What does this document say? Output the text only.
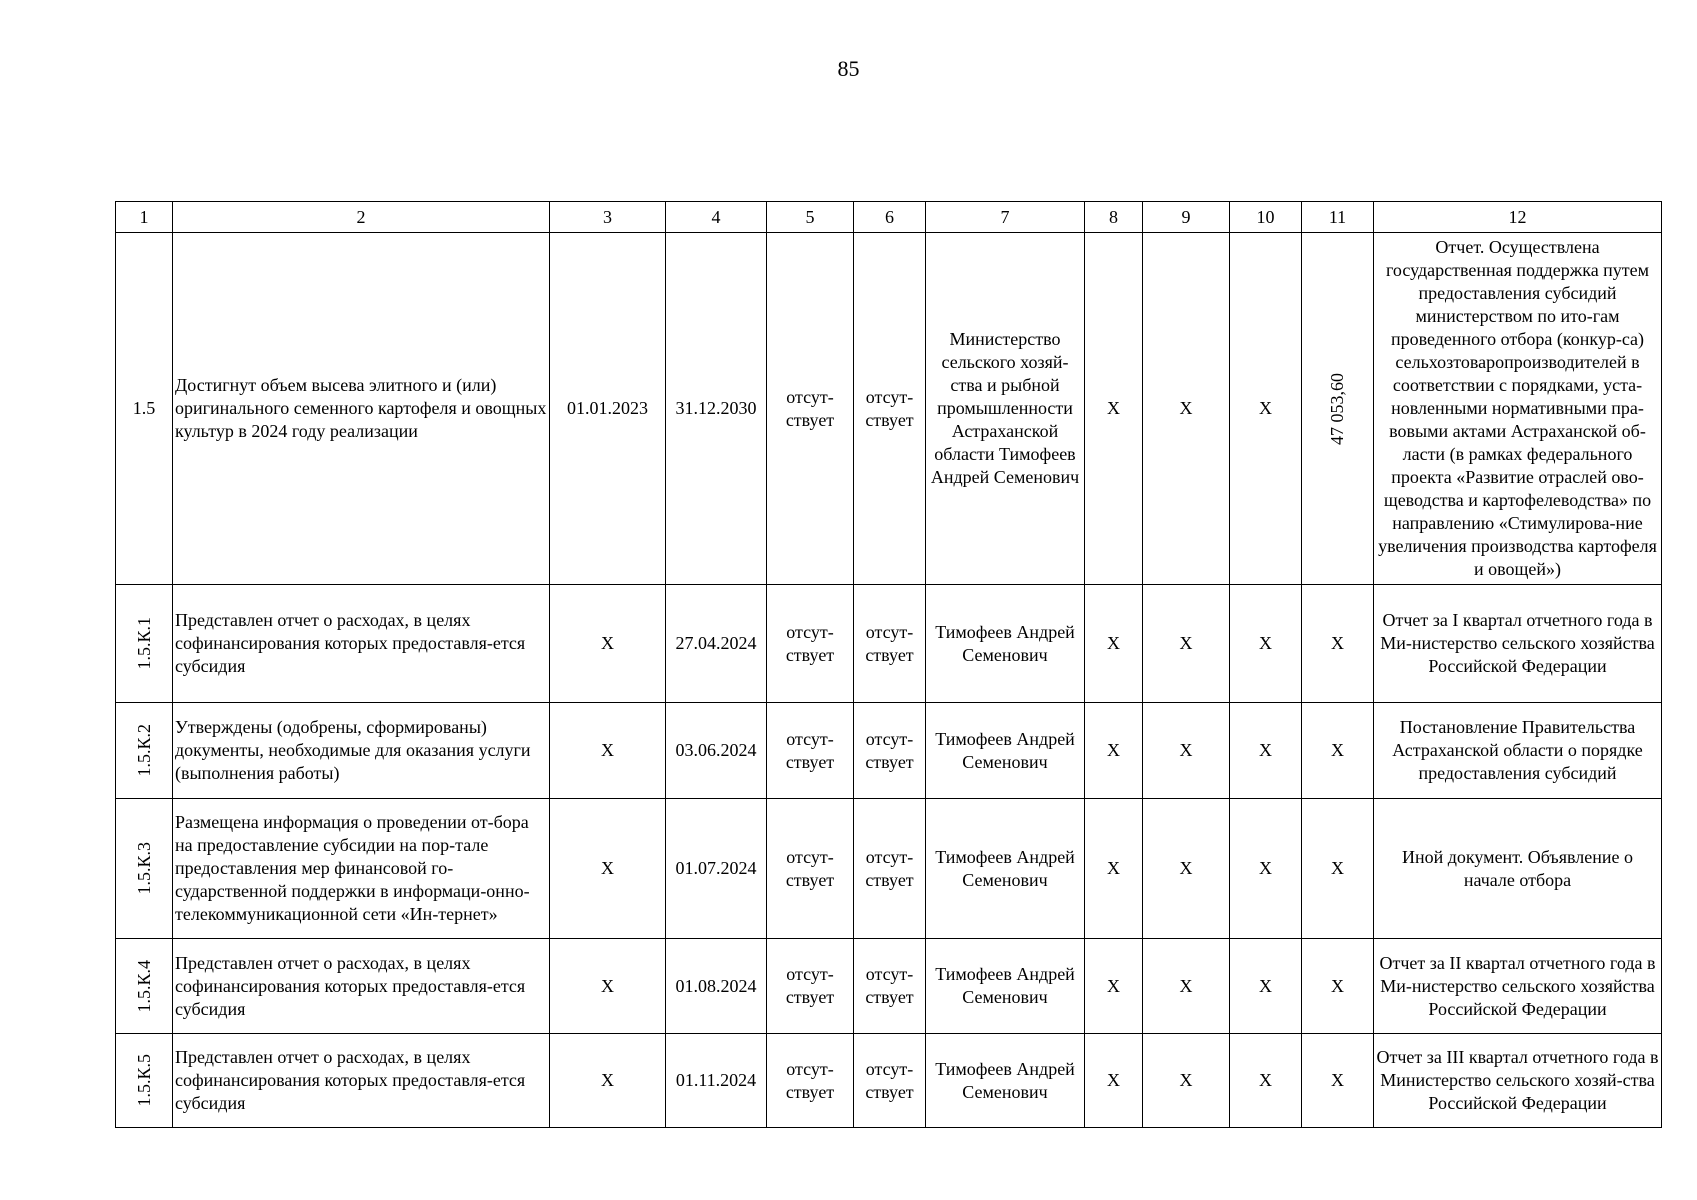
85
1	2	3	4	5	6	7	8	9	10	11	12
1.5	Достигнут объем высева элитного и (или) оригинального семенного картофеля и овощных культур в 2024 году реализации	01.01.2023	31.12.2030	отсут-ствует	отсут-ствует	Министерство сельского хозяй-ства и рыбной промышленности Астраханской области Тимофеев Андрей Семенович	Х	Х	Х	47 053,60	Отчет. Осуществлена государственная поддержка путем предоставления субсидий министерством по ито-гам проведенного отбора (конкур-са) сельхозтоваропроизводителей в соответствии с порядками, уста-новленными нормативными пра-вовыми актами Астраханской об-ласти (в рамках федерального проекта «Развитие отраслей ово-щеводства и картофелеводства» по направлению «Стимулирова-ние увеличения производства картофеля и овощей»)

1.5.К.1	Представлен отчет о расходах, в целях софинансирования которых предоставля-ется субсидия	Х	27.04.2024	отсут-ствует	отсут-ствует	Тимофеев Андрей Семенович	Х	Х	Х	Х	Отчет за I квартал отчетного года в Ми-нистерство сельского хозяйства Российской Федерации

1.5.К.2	Утверждены (одобрены, сформированы) документы, необходимые для оказания услуги (выполнения работы)	Х	03.06.2024	отсут-ствует	отсут-ствует	Тимофеев Андрей Семенович	Х	Х	Х	Х	Постановление Правительства Астраханской области о порядке предоставления субсидий

1.5.К.3	Размещена информация о проведении от-бора на предоставление субсидии на пор-тале предоставления мер финансовой го-сударственной поддержки в информаци-онно-телекоммуникационной сети «Ин-тернет»	Х	01.07.2024	отсут-ствует	отсут-ствует	Тимофеев Андрей Семенович	Х	Х	Х	Х	Иной документ. Объявление о начале отбора

1.5.К.4	Представлен отчет о расходах, в целях софинансирования которых предоставля-ется субсидия	Х	01.08.2024	отсут-ствует	отсут-ствует	Тимофеев Андрей Семенович	Х	Х	Х	Х	Отчет за II квартал отчетного года в Ми-нистерство сельского хозяйства Российской Федерации

1.5.К.5	Представлен отчет о расходах, в целях софинансирования которых предоставля-ется субсидия	Х	01.11.2024	отсут-ствует	отсут-ствует	Тимофеев Андрей Семенович	Х	Х	Х	Х	Отчет за III квартал отчетного года в Министерство сельского хозяй-ства Российской Федерации
